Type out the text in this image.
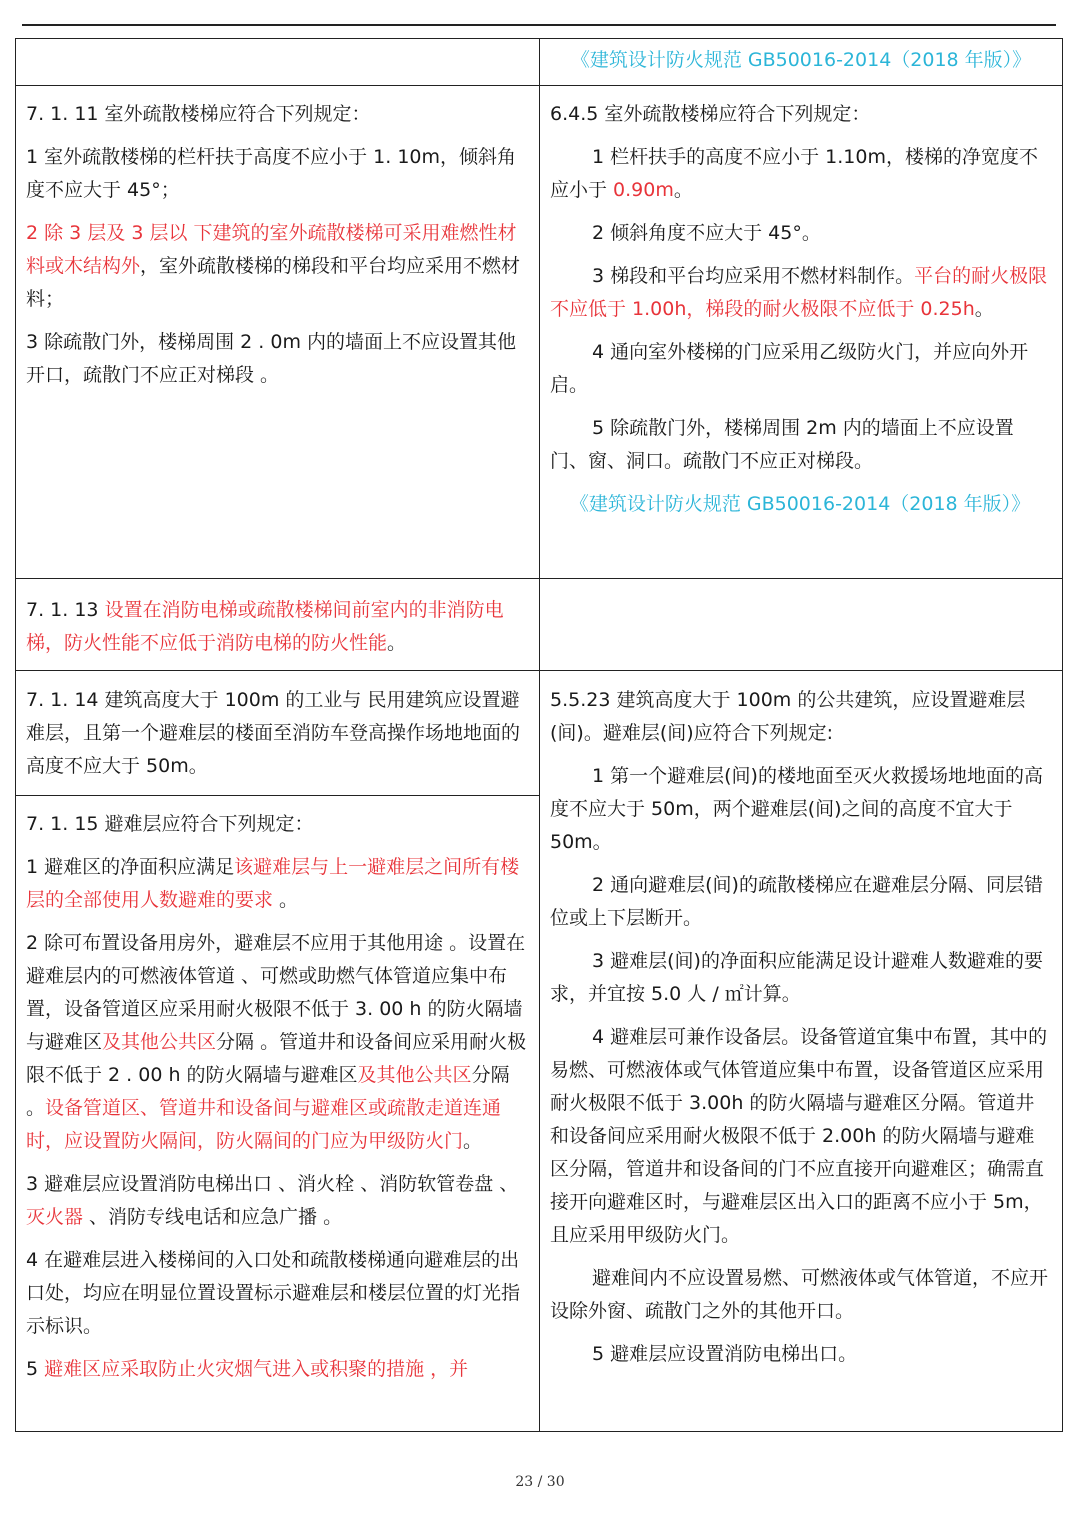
《建筑设计防火规范 GB50016-2014（2018 年版）》

7. 1. 11 室外疏散楼梯应符合下列规定：

1 室外疏散楼梯的栏杆扶于高度不应小于 1. 10m，倾斜角度不应大于 45°；

2 除 3 层及 3 层以 下建筑的室外疏散楼梯可采用难燃性材料或木结构外，室外疏散楼梯的梯段和平台均应采用不燃材料；

3 除疏散门外，楼梯周围 2 . 0m 内的墙面上不应设置其他开口，疏散门不应正对梯段 。

6.4.5 室外疏散楼梯应符合下列规定：

1 栏杆扶手的高度不应小于 1.10m，楼梯的净宽度不应小于 0.90m。

2 倾斜角度不应大于 45°。

3 梯段和平台均应采用不燃材料制作。平台的耐火极限不应低于 1.00h，梯段的耐火极限不应低于 0.25h。

4 通向室外楼梯的门应采用乙级防火门，并应向外开启。

5 除疏散门外，楼梯周围 2m 内的墙面上不应设置门、窗、洞口。疏散门不应正对梯段。

《建筑设计防火规范 GB50016-2014（2018 年版）》

7. 1. 13 设置在消防电梯或疏散楼梯间前室内的非消防电梯，防火性能不应低于消防电梯的防火性能。

7. 1. 14 建筑高度大于 100m 的工业与 民用建筑应设置避难层，且第一个避难层的楼面至消防车登高操作场地地面的高度不应大于 50m。

7. 1. 15 避难层应符合下列规定：

1 避难区的净面积应满足该避难层与上一避难层之间所有楼层的全部使用人数避难的要求 。

2 除可布置设备用房外，避难层不应用于其他用途 。设置在避难层内的可燃液体管道 、可燃或助燃气体管道应集中布置，设备管道区应采用耐火极限不低于 3. 00 h 的防火隔墙与避难区及其他公共区分隔 。管道井和设备间应采用耐火极限不低于 2 . 00 h 的防火隔墙与避难区及其他公共区分隔 。设备管道区、管道井和设备间与避难区或疏散走道连通时，应设置防火隔间，防火隔间的门应为甲级防火门。

3 避难层应设置消防电梯出口 、消火栓 、消防软管卷盘 、灭火器 、消防专线电话和应急广播 。

4 在避难层进入楼梯间的入口处和疏散楼梯通向避难层的出口处，均应在明显位置设置标示避难层和楼层位置的灯光指示标识。

5 避难区应采取防止火灾烟气进入或积聚的措施 ，并

5.5.23 建筑高度大于 100m 的公共建筑，应设置避难层(间)。避难层(间)应符合下列规定:

1 第一个避难层(间)的楼地面至灭火救援场地地面的高度不应大于 50m，两个避难层(间)之间的高度不宜大于 50m。

2 通向避难层(间)的疏散楼梯应在避难层分隔、同层错位或上下层断开。

3 避难层(间)的净面积应能满足设计避难人数避难的要求，并宜按 5.0 人 / ㎡计算。

4 避难层可兼作设备层。设备管道宜集中布置，其中的易燃、可燃液体或气体管道应集中布置，设备管道区应采用耐火极限不低于 3.00h 的防火隔墙与避难区分隔。管道井和设备间应采用耐火极限不低于 2.00h 的防火隔墙与避难区分隔，管道井和设备间的门不应直接开向避难区；确需直接开向避难区时，与避难层区出入口的距离不应小于 5m，且应采用甲级防火门。

避难间内不应设置易燃、可燃液体或气体管道，不应开设除外窗、疏散门之外的其他开口。

5 避难层应设置消防电梯出口。

23 / 30
